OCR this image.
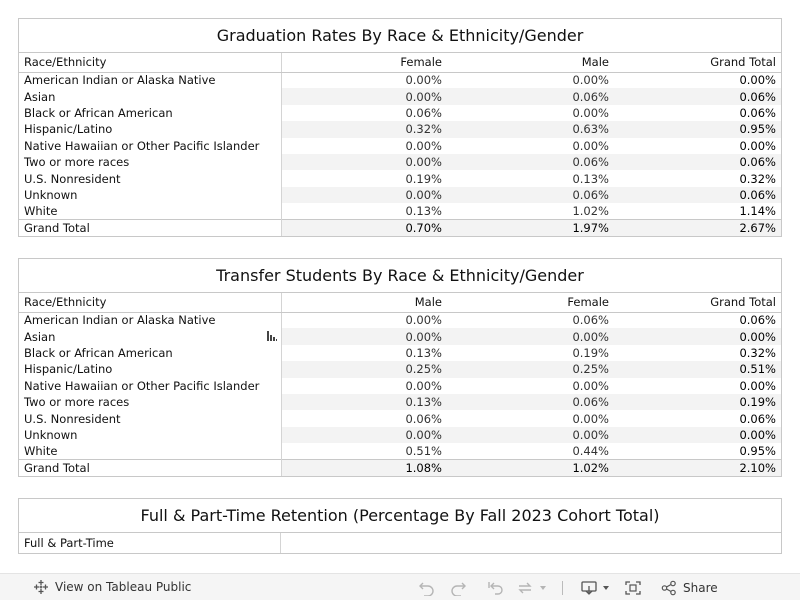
Graduation Rates By Race & Ethnicity/Gender
Race/Ethnicity	Female	Male	Grand Total
American Indian or Alaska Native	0.00%	0.00%	0.00%
Asian	0.00%	0.06%	0.06%
Black or African American	0.06%	0.00%	0.06%
Hispanic/Latino	0.32%	0.63%	0.95%
Native Hawaiian or Other Pacific Islander	0.00%	0.00%	0.00%
Two or more races	0.00%	0.06%	0.06%
U.S. Nonresident	0.19%	0.13%	0.32%
Unknown	0.00%	0.06%	0.06%
White	0.13%	1.02%	1.14%
Grand Total	0.70%	1.97%	2.67%
Transfer Students By Race & Ethnicity/Gender
Race/Ethnicity	Male	Female	Grand Total
American Indian or Alaska Native	0.00%	0.06%	0.06%
Asian	0.00%	0.00%	0.00%
Black or African American	0.13%	0.19%	0.32%
Hispanic/Latino	0.25%	0.25%	0.51%
Native Hawaiian or Other Pacific Islander	0.00%	0.00%	0.00%
Two or more races	0.13%	0.06%	0.19%
U.S. Nonresident	0.06%	0.00%	0.06%
Unknown	0.00%	0.00%	0.00%
White	0.51%	0.44%	0.95%
Grand Total	1.08%	1.02%	2.10%
Full & Part-Time Retention (Percentage By Fall 2023 Cohort Total)
Full & Part-Time
View on Tableau Public	Share
